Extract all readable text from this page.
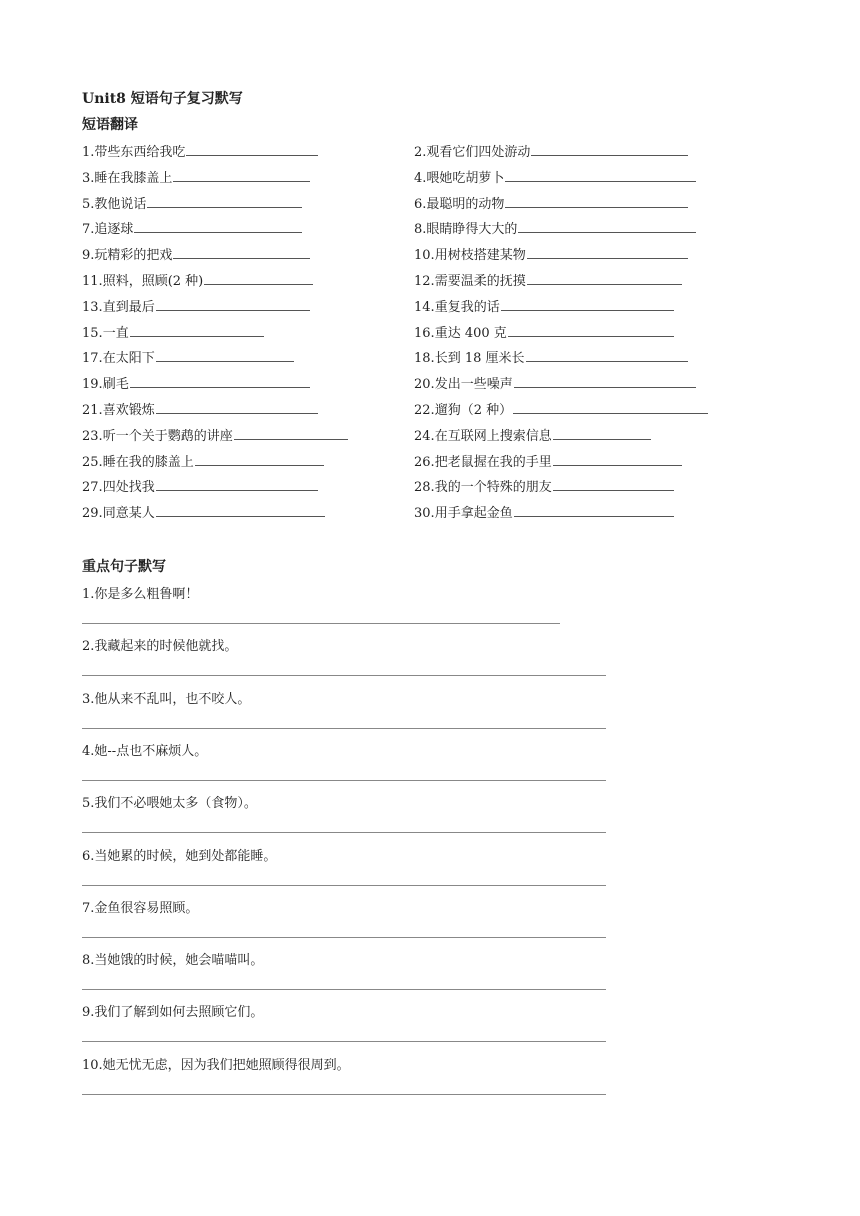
Unit8 短语句子复习默写
短语翻译
1.带些东西给我吃	2.观看它们四处游动
3.睡在我膝盖上	4.喂她吃胡萝卜
5.教他说话	6.最聪明的动物
7.追逐球	8.眼睛睁得大大的
9.玩精彩的把戏	10.用树枝搭建某物
11.照料，照顾(2 种)	12.需要温柔的抚摸
13.直到最后	14.重复我的话
15.一直	16.重达 400 克
17.在太阳下	18.长到 18 厘米长
19.刷毛	20.发出一些噪声
21.喜欢锻炼	22.遛狗（2 种）
23.听一个关于鹦鹉的讲座	24.在互联网上搜索信息
25.睡在我的膝盖上	26.把老鼠握在我的手里
27.四处找我	28.我的一个特殊的朋友
29.同意某人	30.用手拿起金鱼
重点句子默写
1.你是多么粗鲁啊！
2.我藏起来的时候他就找。
3.他从来不乱叫，也不咬人。
4.她--点也不麻烦人。
5.我们不必喂她太多（食物）。
6.当她累的时候，她到处都能睡。
7.金鱼很容易照顾。
8.当她饿的时候，她会喵喵叫。
9.我们了解到如何去照顾它们。
10.她无忧无虑，因为我们把她照顾得很周到。
